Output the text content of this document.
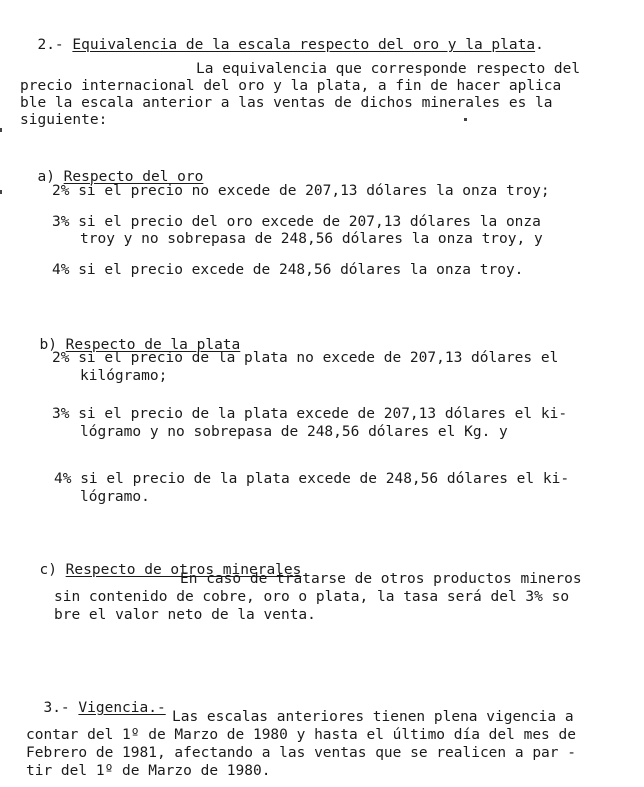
2.- Equivalencia de la escala respecto del oro y la plata.

La equivalencia que corresponde respecto del
precio internacional del oro y la plata, a fin de hacer aplica
ble la escala anterior a las ventas de dichos minerales es la
siguiente:

a) Respecto del oro

2% si el precio no excede de 207,13 dólares la onza troy;
3% si el precio del oro excede de 207,13 dólares la onza
troy y no sobrepasa de 248,56 dólares la onza troy, y
4% si el precio excede de 248,56 dólares la onza troy.

b) Respecto de la plata

2% si el precio de la plata no excede de 207,13 dólares el
kilógramo;
3% si el precio de la plata excede de 207,13 dólares el ki-
lógramo y no sobrepasa de 248,56 dólares el Kg. y
4% si el precio de la plata excede de 248,56 dólares el ki-
lógramo.

c) Respecto de otros minerales

En caso de tratarse de otros productos mineros
sin contenido de cobre, oro o plata, la tasa será del 3% so
bre el valor neto de la venta.

3.- Vigencia.-

Las escalas anteriores tienen plena vigencia a
contar del 1º de Marzo de 1980 y hasta el último día del mes de
Febrero de 1981, afectando a las ventas que se realicen a par -
tir del 1º de Marzo de 1980.
